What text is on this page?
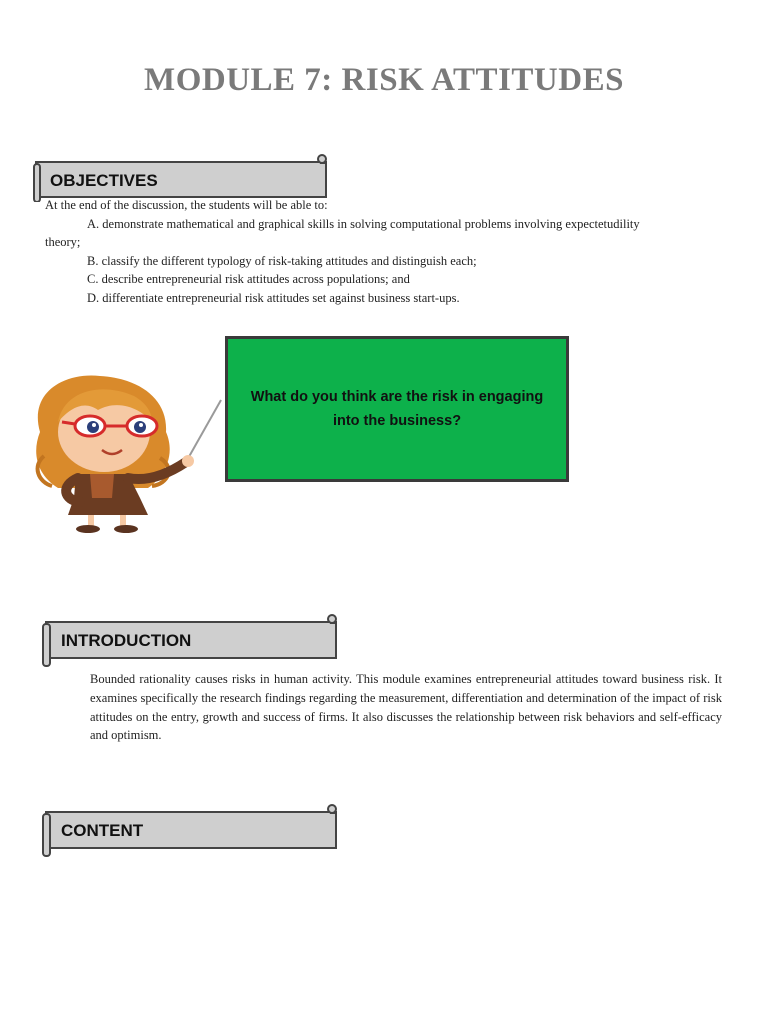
MODULE 7: RISK ATTITUDES
OBJECTIVES
At the end of the discussion, the students will be able to:
A. demonstrate mathematical and graphical skills in solving computational problems involving expectetudility
theory;
B. classify the different typology of risk-taking attitudes and distinguish each;
C. describe entrepreneurial risk attitudes across populations; and
D. differentiate entrepreneurial risk attitudes set against business start-ups.
What do you think are the risk in engaging into the business?
INTRODUCTION
Bounded rationality causes risks in human activity. This module examines entrepreneurial attitudes toward business risk. It examines specifically the research findings regarding the measurement, differentiation and determination of the impact of risk attitudes on the entry, growth and success of firms. It also discusses the relationship between risk behaviors and self-efficacy and optimism.
CONTENT
